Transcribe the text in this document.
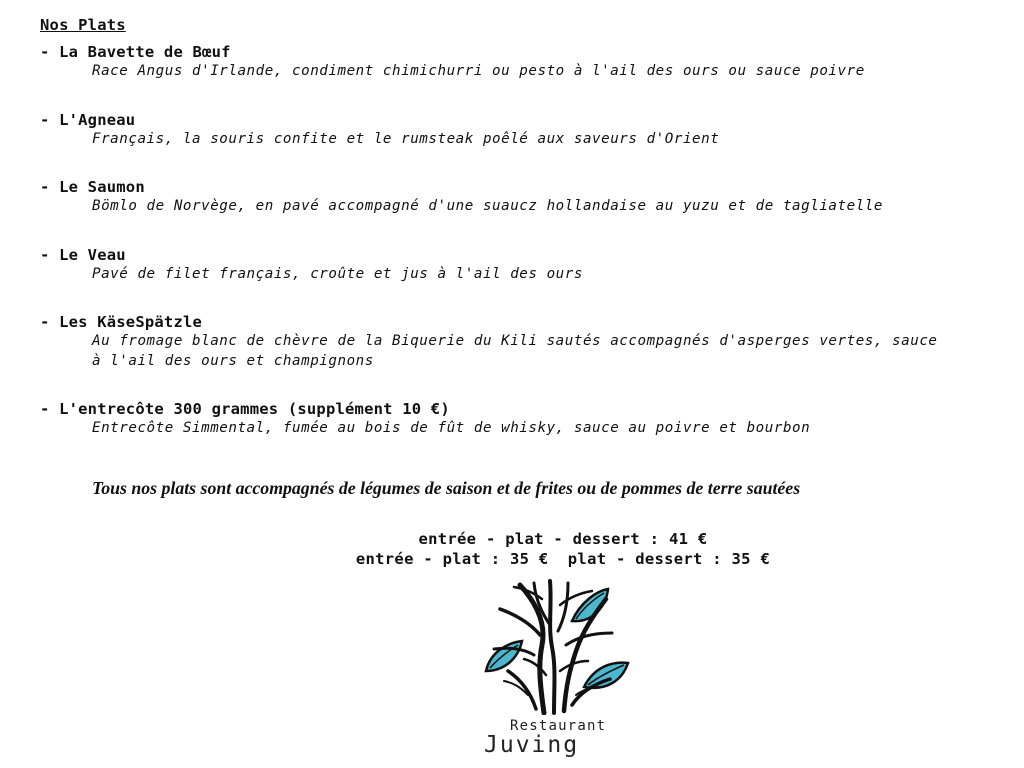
Nos Plats
- La Bavette de Bœuf
Race Angus d'Irlande, condiment chimichurri ou pesto à l'ail des ours ou sauce poivre
- L'Agneau
Français, la souris confite et le rumsteak poêlé aux saveurs d'Orient
- Le Saumon
Bömlo de Norvège, en pavé accompagné d'une suaucz hollandaise au yuzu et de tagliatelle
- Le Veau
Pavé de filet français, croûte et jus à l'ail des ours
- Les KäseSpätzle
Au fromage blanc de chèvre de la Biquerie du Kili sautés accompagnés d'asperges vertes, sauce à l'ail des ours et champignons
- L'entrecôte 300 grammes (supplément 10 €)
Entrecôte Simmental, fumée au bois de fût de whisky, sauce au poivre et bourbon

Tous nos plats sont accompagnés de légumes de saison et de frites ou de pommes de terre sautées

entrée - plat - dessert : 41 €
entrée - plat : 35 €  plat - dessert : 35 €
Restaurant
Juving
